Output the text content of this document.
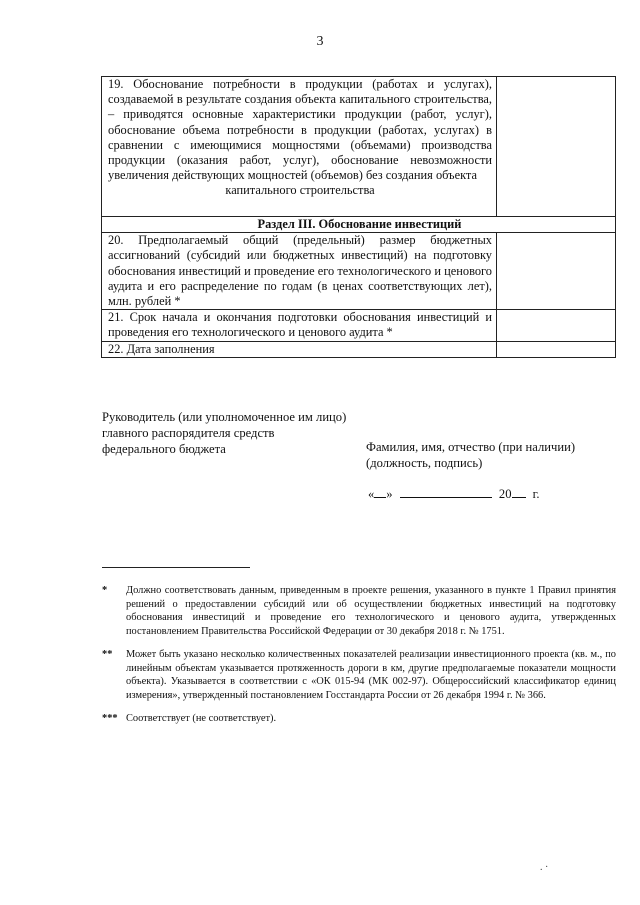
3
19. Обоснование потребности в продукции (работах и услугах), создаваемой в результате создания объекта капитального строительства, – приводятся основные характеристики продукции (работ, услуг), обоснование объема потребности в продукции (работах, услугах) в сравнении с имеющимися мощностями (объемами) производства продукции (оказания работ, услуг), обоснование невозможности увеличения действующих мощностей (объемов) без создания объекта
капитального строительства	

Раздел III. Обоснование инвестиций	
20. Предполагаемый общий (предельный) размер бюджетных ассигнований (субсидий или бюджетных инвестиций) на подготовку обоснования инвестиций и проведение его технологического и ценового аудита и его распределение по годам (в ценах соответствующих лет), млн. рублей *	
21. Срок начала и окончания подготовки обоснования инвестиций и проведения его технологического и ценового аудита *	
22. Дата заполнения	
Руководитель (или уполномоченное им лицо)
главного распорядителя средств
федерального бюджета	Фамилия, имя, отчество (при наличии)
(должность, подпись)
« »	20 г.
*	Должно соответствовать данным, приведенным в проекте решения, указанного в пункте 1 Правил принятия решений о предоставлении субсидий или об осуществлении бюджетных инвестиций на подготовку обоснования инвестиций и проведение его технологического и ценового аудита, утвержденных постановлением Правительства Российской Федерации от 30 декабря 2018 г. № 1751.
**	Может быть указано несколько количественных показателей реализации инвестиционного проекта (кв. м., по линейным объектам указывается протяженность дороги в км, другие предполагаемые показатели мощности объекта). Указывается в соответствии с «ОК 015-94 (МК 002-97). Общероссийский классификатор единиц измерения», утвержденный постановлением Госстандарта России от 26 декабря 1994 г. № 366.
*** Соответствует (не соответствует).
. ·
